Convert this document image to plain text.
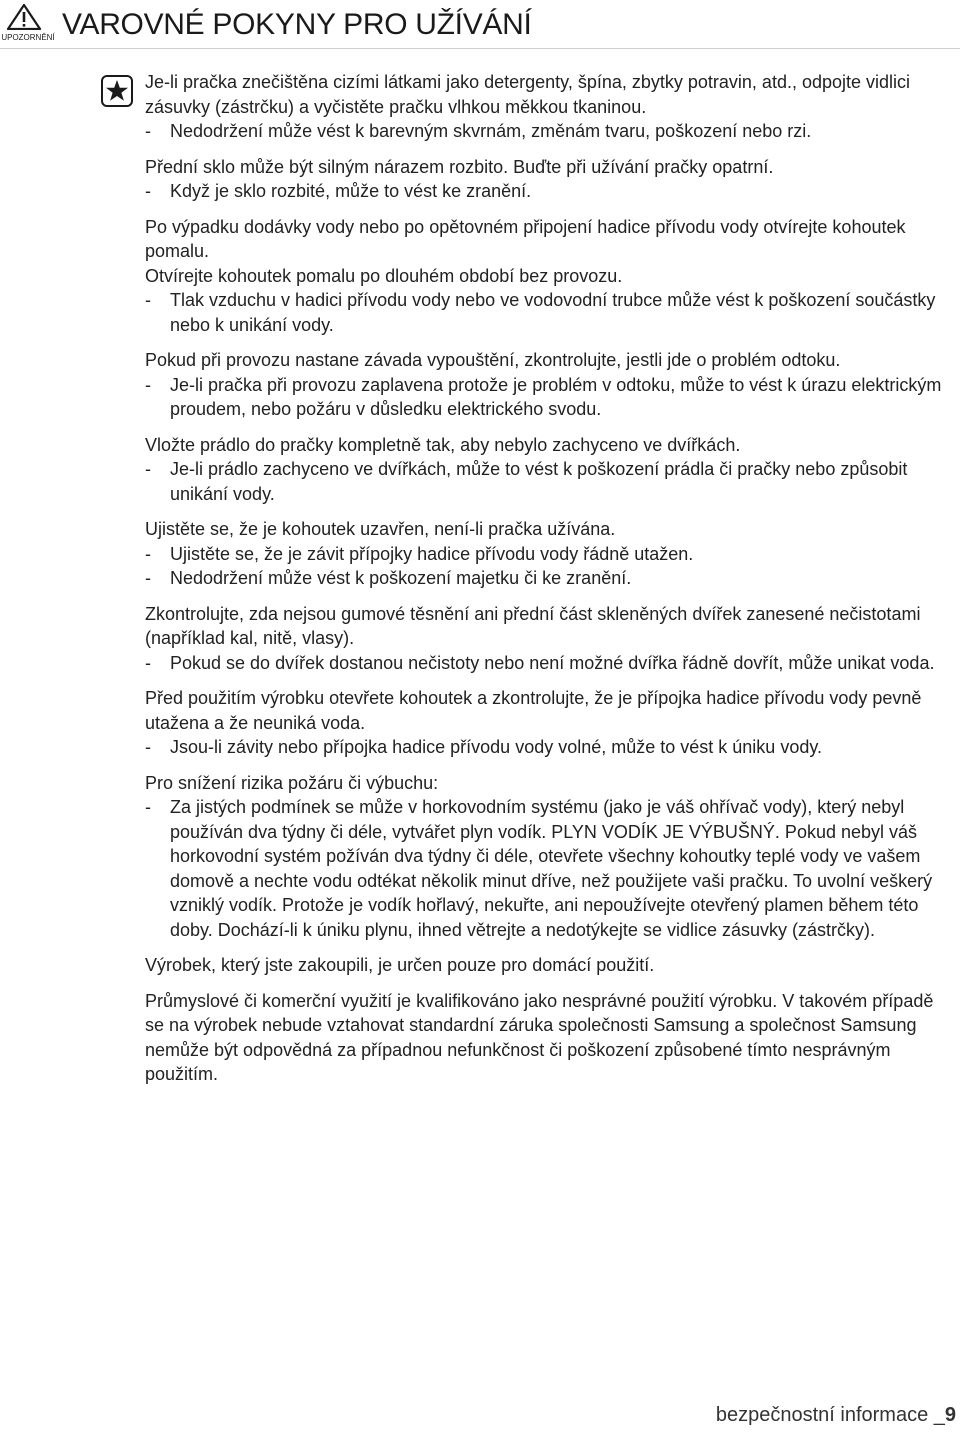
UPOZORNĚNÍ VAROVNÉ POKYNY PRO UŽÍVÁNÍ

Je-li pračka znečištěna cizími látkami jako detergenty, špína, zbytky potravin, atd., odpojte vidlici zásuvky (zástrčku) a vyčistěte pračku vlhkou měkkou tkaninou.

- Nedodržení může vést k barevným skvrnám, změnám tvaru, poškození nebo rzi.

Přední sklo může být silným nárazem rozbito. Buďte při užívání pračky opatrní.

- Když je sklo rozbité, může to vést ke zranění.

Po výpadku dodávky vody nebo po opětovném připojení hadice přívodu vody otvírejte kohoutek pomalu.

Otvírejte kohoutek pomalu po dlouhém období bez provozu.

- Tlak vzduchu v hadici přívodu vody nebo ve vodovodní trubce může vést k poškození součástky nebo k unikání vody.

Pokud při provozu nastane závada vypouštění, zkontrolujte, jestli jde o problém odtoku.

- Je-li pračka při provozu zaplavena protože je problém v odtoku, může to vést k úrazu elektrickým proudem, nebo požáru v důsledku elektrického svodu.

Vložte prádlo do pračky kompletně tak, aby nebylo zachyceno ve dvířkách.

- Je-li prádlo zachyceno ve dvířkách, může to vést k poškození prádla či pračky nebo způsobit unikání vody.

Ujistěte se, že je kohoutek uzavřen, není-li pračka užívána.

- Ujistěte se, že je závit přípojky hadice přívodu vody řádně utažen.

- Nedodržení může vést k poškození majetku či ke zranění.

Zkontrolujte, zda nejsou gumové těsnění ani přední část skleněných dvířek zanesené nečistotami (například kal, nitě, vlasy).

- Pokud se do dvířek dostanou nečistoty nebo není možné dvířka řádně dovřít, může unikat voda.

Před použitím výrobku otevřete kohoutek a zkontrolujte, že je přípojka hadice přívodu vody pevně utažena a že neuniká voda.

- Jsou-li závity nebo přípojka hadice přívodu vody volné, může to vést k úniku vody.

Pro snížení rizika požáru či výbuchu:

- Za jistých podmínek se může v horkovodním systému (jako je váš ohřívač vody), který nebyl používán dva týdny či déle, vytvářet plyn vodík. PLYN VODÍK JE VÝBUŠNÝ. Pokud nebyl váš horkovodní systém požíván dva týdny či déle, otevřete všechny kohoutky teplé vody ve vašem domově a nechte vodu odtékat několik minut dříve, než použijete vaši pračku. To uvolní veškerý vzniklý vodík. Protože je vodík hořlavý, nekuřte, ani nepoužívejte otevřený plamen během této doby. Dochází-li k úniku plynu, ihned větrejte a nedotýkejte se vidlice zásuvky (zástrčky).

Výrobek, který jste zakoupili, je určen pouze pro domácí použití.

Průmyslové či komerční využití je kvalifikováno jako nesprávné použití výrobku. V takovém případě se na výrobek nebude vztahovat standardní záruka společnosti Samsung a společnost Samsung nemůže být odpovědná za případnou nefunkčnost či poškození způsobené tímto nesprávným použitím.

bezpečnostní informace _9
